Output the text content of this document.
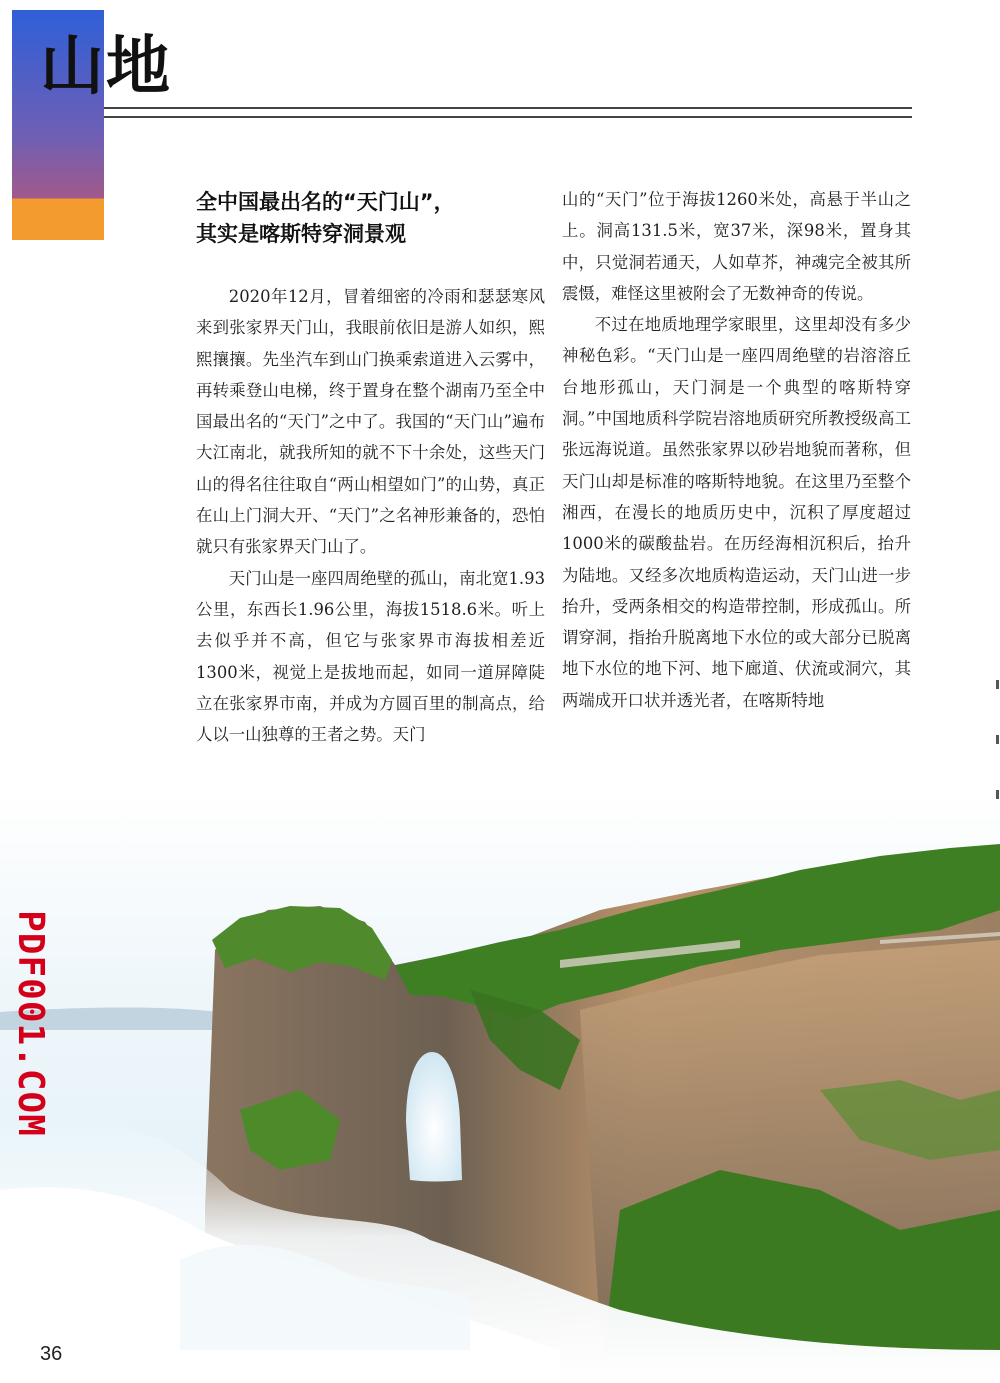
山地
全中国最出名的“天门山”，
其实是喀斯特穿洞景观

2020年12月，冒着细密的冷雨和瑟瑟寒风来到张家界天门山，我眼前依旧是游人如织，熙熙攘攘。先坐汽车到山门换乘索道进入云雾中，再转乘登山电梯，终于置身在整个湖南乃至全中国最出名的“天门”之中了。我国的“天门山”遍布大江南北，就我所知的就不下十余处，这些天门山的得名往往取自“两山相望如门”的山势，真正在山上门洞大开、“天门”之名神形兼备的，恐怕就只有张家界天门山了。

天门山是一座四周绝壁的孤山，南北宽1.93公里，东西长1.96公里，海拔1518.6米。听上去似乎并不高，但它与张家界市海拔相差近1300米，视觉上是拔地而起，如同一道屏障陡立在张家界市南，并成为方圆百里的制高点，给人以一山独尊的王者之势。天门

山的“天门”位于海拔1260米处，高悬于半山之上。洞高131.5米，宽37米，深98米，置身其中，只觉洞若通天，人如草芥，神魂完全被其所震慑，难怪这里被附会了无数神奇的传说。

不过在地质地理学家眼里，这里却没有多少神秘色彩。“天门山是一座四周绝壁的岩溶溶丘台地形孤山，天门洞是一个典型的喀斯特穿洞。”中国地质科学院岩溶地质研究所教授级高工张远海说道。虽然张家界以砂岩地貌而著称，但天门山却是标准的喀斯特地貌。在这里乃至整个湘西，在漫长的地质历史中，沉积了厚度超过1000米的碳酸盐岩。在历经海相沉积后，抬升为陆地。又经多次地质构造运动，天门山进一步抬升，受两条相交的构造带控制，形成孤山。所谓穿洞，指抬升脱离地下水位的或大部分已脱离地下水位的地下河、地下廊道、伏流或洞穴，其两端成开口状并透光者，在喀斯特地

PDF001.COM

36
